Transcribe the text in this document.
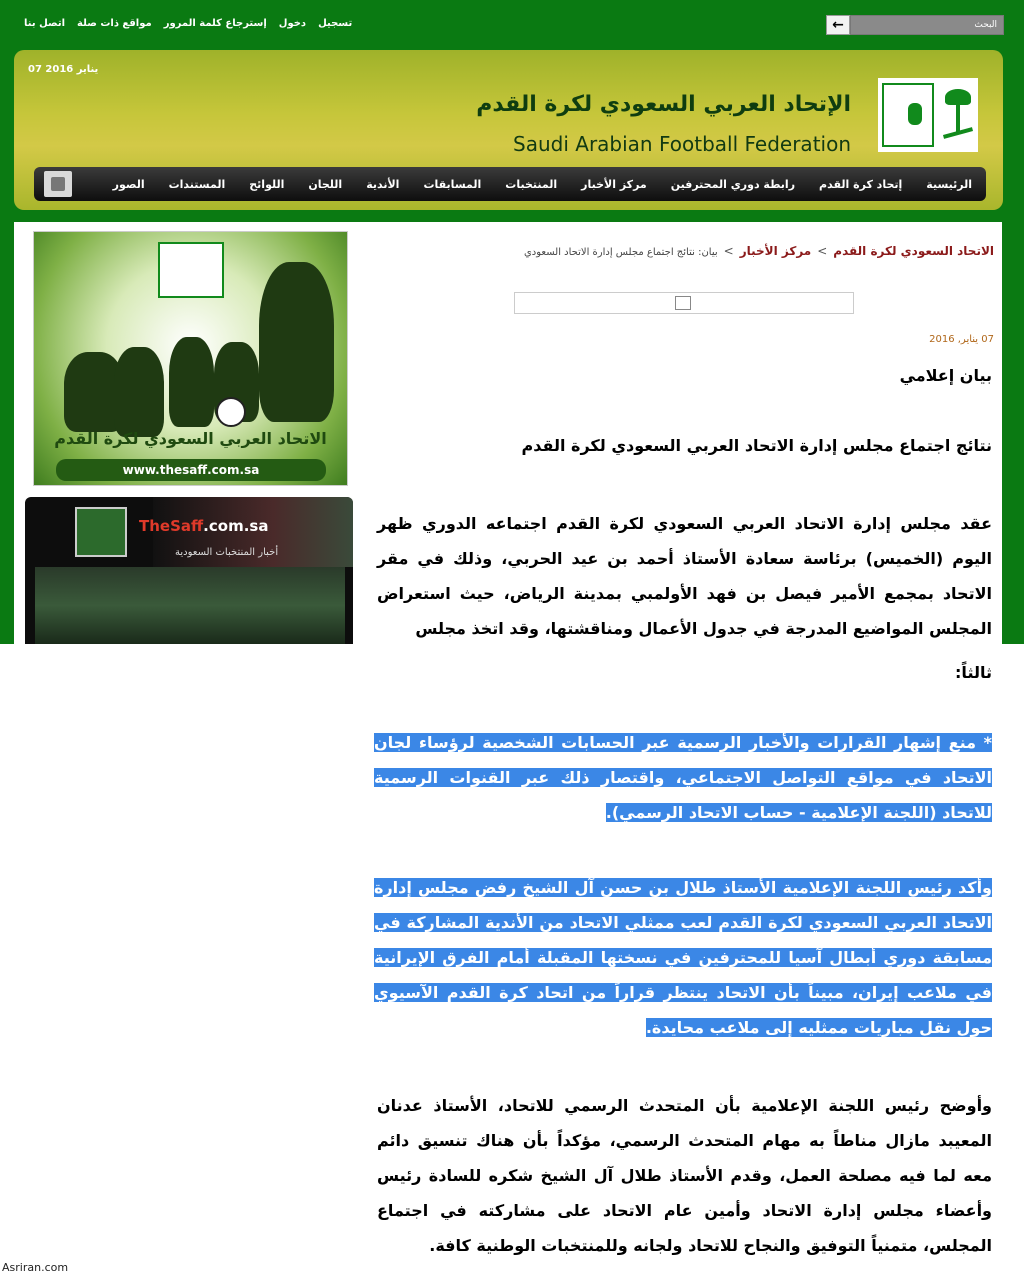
تسجيل
دخول
إسترجاع كلمة المرور
مواقع ذات صلة
اتصل بنا	←	البحث
07 يناير 2016
الإتحاد العربي السعودي لكرة القدم
Saudi Arabian Football Federation
الرئيسية
إتحاد كرة القدم
رابطة دوري المحترفين
مركز الأخبار
المنتخبات
المسابقات
الأندية
اللجان
اللوائح
المستندات
الصور
الاتحاد السعودي لكرة القدم>مركز الأخبار>بيان: نتائج اجتماع مجلس إدارة الاتحاد السعودي
07 يناير, 2016
بيان إعلامي
نتائج اجتماع مجلس إدارة الاتحاد العربي السعودي لكرة القدم
عقد مجلس إدارة الاتحاد العربي السعودي لكرة القدم اجتماعه الدوري ظهر اليوم (الخميس) برئاسة سعادة الأستاذ أحمد بن عيد الحربي، وذلك في مقر الاتحاد بمجمع الأمير فيصل بن فهد الأولمبي بمدينة الرياض، حيث استعراض المجلس المواضيع المدرجة في جدول الأعمال ومناقشتها، وقد اتخذ مجلس
ثالثاً:
* منع إشهار القرارات والأخبار الرسمية عبر الحسابات الشخصية لرؤساء لجان الاتحاد في مواقع التواصل الاجتماعي، واقتصار ذلك عبر القنوات الرسمية للاتحاد (اللجنة الإعلامية - حساب الاتحاد الرسمي).
وأكد رئيس اللجنة الإعلامية الأستاذ طلال بن حسن آل الشيخ رفض مجلس إدارة الاتحاد العربي السعودي لكرة القدم لعب ممثلي الاتحاد من الأندية المشاركة في مسابقة دوري أبطال آسيا للمحترفين في نسختها المقبلة أمام الفرق الإيرانية في ملاعب إيران، مبيناً بأن الاتحاد ينتظر قراراً من اتحاد كرة القدم الآسيوي حول نقل مباريات ممثليه إلى ملاعب محايدة.
وأوضح رئيس اللجنة الإعلامية بأن المتحدث الرسمي للاتحاد، الأستاذ عدنان المعيبد مازال مناطاً به مهام المتحدث الرسمي، مؤكداً بأن هناك تنسيق دائم معه لما فيه مصلحة العمل، وقدم الأستاذ طلال آل الشيخ شكره للسادة رئيس وأعضاء مجلس إدارة الاتحاد وأمين عام الاتحاد على مشاركته في اجتماع المجلس، متمنياً التوفيق والنجاح للاتحاد ولجانه وللمنتخبات الوطنية كافة.
الاتحاد العربي السعودي لكرة القدم
www.thesaff.com.sa
TheSaff.com.sa
أخبار المنتخبات السعودية
Asriran.com
